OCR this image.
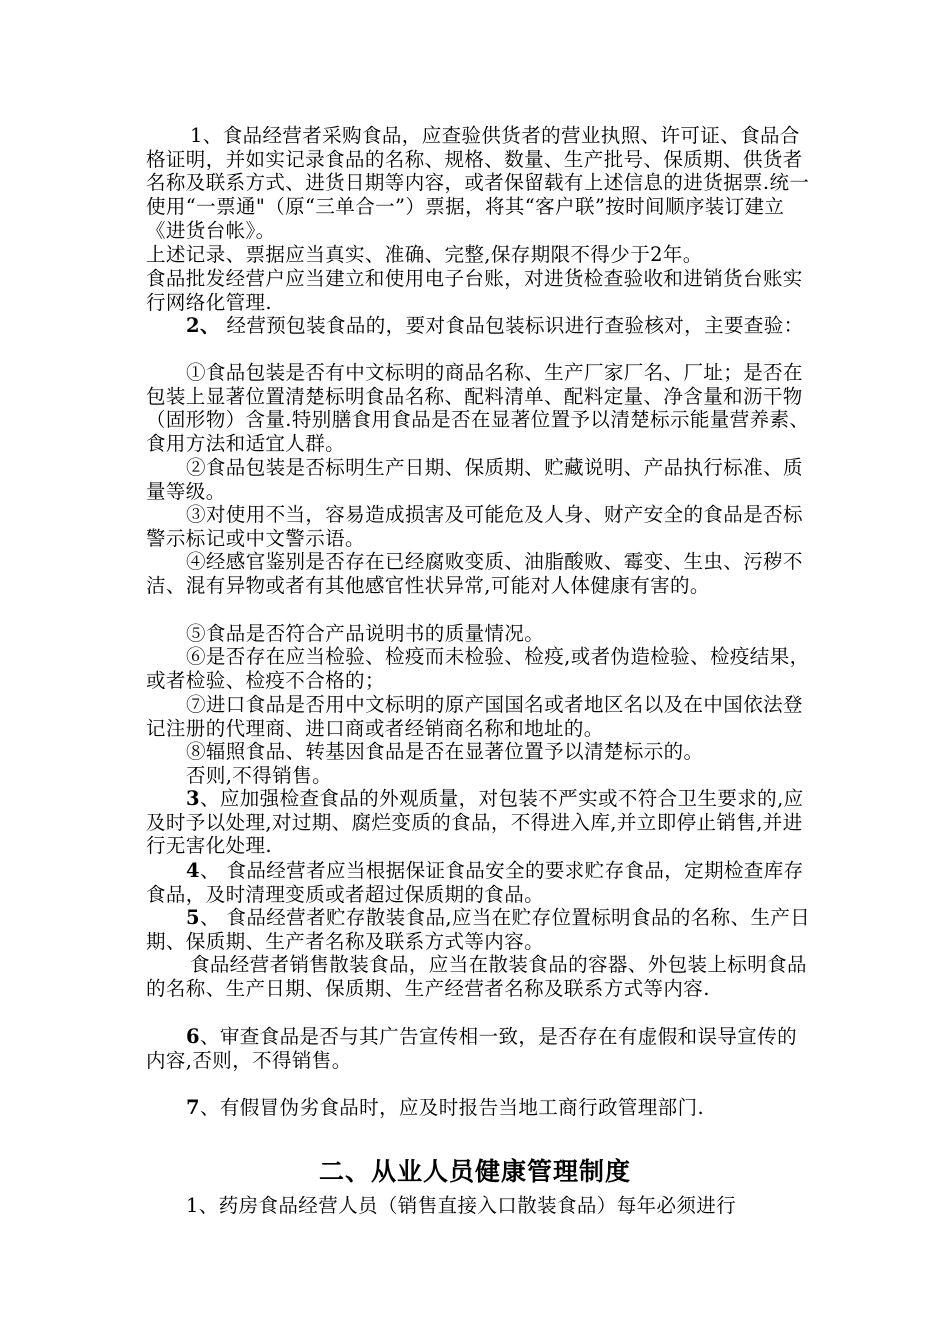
1、食品经营者采购食品，应查验供货者的营业执照、许可证、食品合格证明，并如实记录食品的名称、规格、数量、生产批号、保质期、供货者名称及联系方式、进货日期等内容，或者保留载有上述信息的进货据票.统一使用“一票通"（原“三单合一”）票据，将其“客户联”按时间顺序装订建立《进货台帐》。

上述记录、票据应当真实、准确、完整,保存期限不得少于2年。

食品批发经营户应当建立和使用电子台账，对进货检查验收和进销货台账实行网络化管理.

2、 经营预包装食品的，要对食品包装标识进行查验核对，主要查验：

①食品包装是否有中文标明的商品名称、生产厂家厂名、厂址；是否在包装上显著位置清楚标明食品名称、配料清单、配料定量、净含量和沥干物（固形物）含量.特别膳食用食品是否在显著位置予以清楚标示能量营养素、食用方法和适宜人群。

②食品包装是否标明生产日期、保质期、贮藏说明、产品执行标准、质量等级。

③对使用不当，容易造成损害及可能危及人身、财产安全的食品是否标警示标记或中文警示语。

④经感官鉴别是否存在已经腐败变质、油脂酸败、霉变、生虫、污秽不洁、混有异物或者有其他感官性状异常,可能对人体健康有害的。

⑤食品是否符合产品说明书的质量情况。

⑥是否存在应当检验、检疫而未检验、检疫,或者伪造检验、检疫结果，或者检验、检疫不合格的；

⑦进口食品是否用中文标明的原产国国名或者地区名以及在中国依法登记注册的代理商、进口商或者经销商名称和地址的。

⑧辐照食品、转基因食品是否在显著位置予以清楚标示的。

否则,不得销售。

3、应加强检查食品的外观质量，对包装不严实或不符合卫生要求的,应及时予以处理,对过期、腐烂变质的食品，不得进入库,并立即停止销售,并进行无害化处理.

4、 食品经营者应当根据保证食品安全的要求贮存食品，定期检查库存食品，及时清理变质或者超过保质期的食品。

5、 食品经营者贮存散装食品,应当在贮存位置标明食品的名称、生产日期、保质期、生产者名称及联系方式等内容。

食品经营者销售散装食品，应当在散装食品的容器、外包装上标明食品的名称、生产日期、保质期、生产经营者名称及联系方式等内容.

6、审查食品是否与其广告宣传相一致，是否存在有虚假和误导宣传的内容,否则，不得销售。

7、有假冒伪劣食品时，应及时报告当地工商行政管理部门.

二、从业人员健康管理制度

1、药房食品经营人员（销售直接入口散装食品）每年必须进行
